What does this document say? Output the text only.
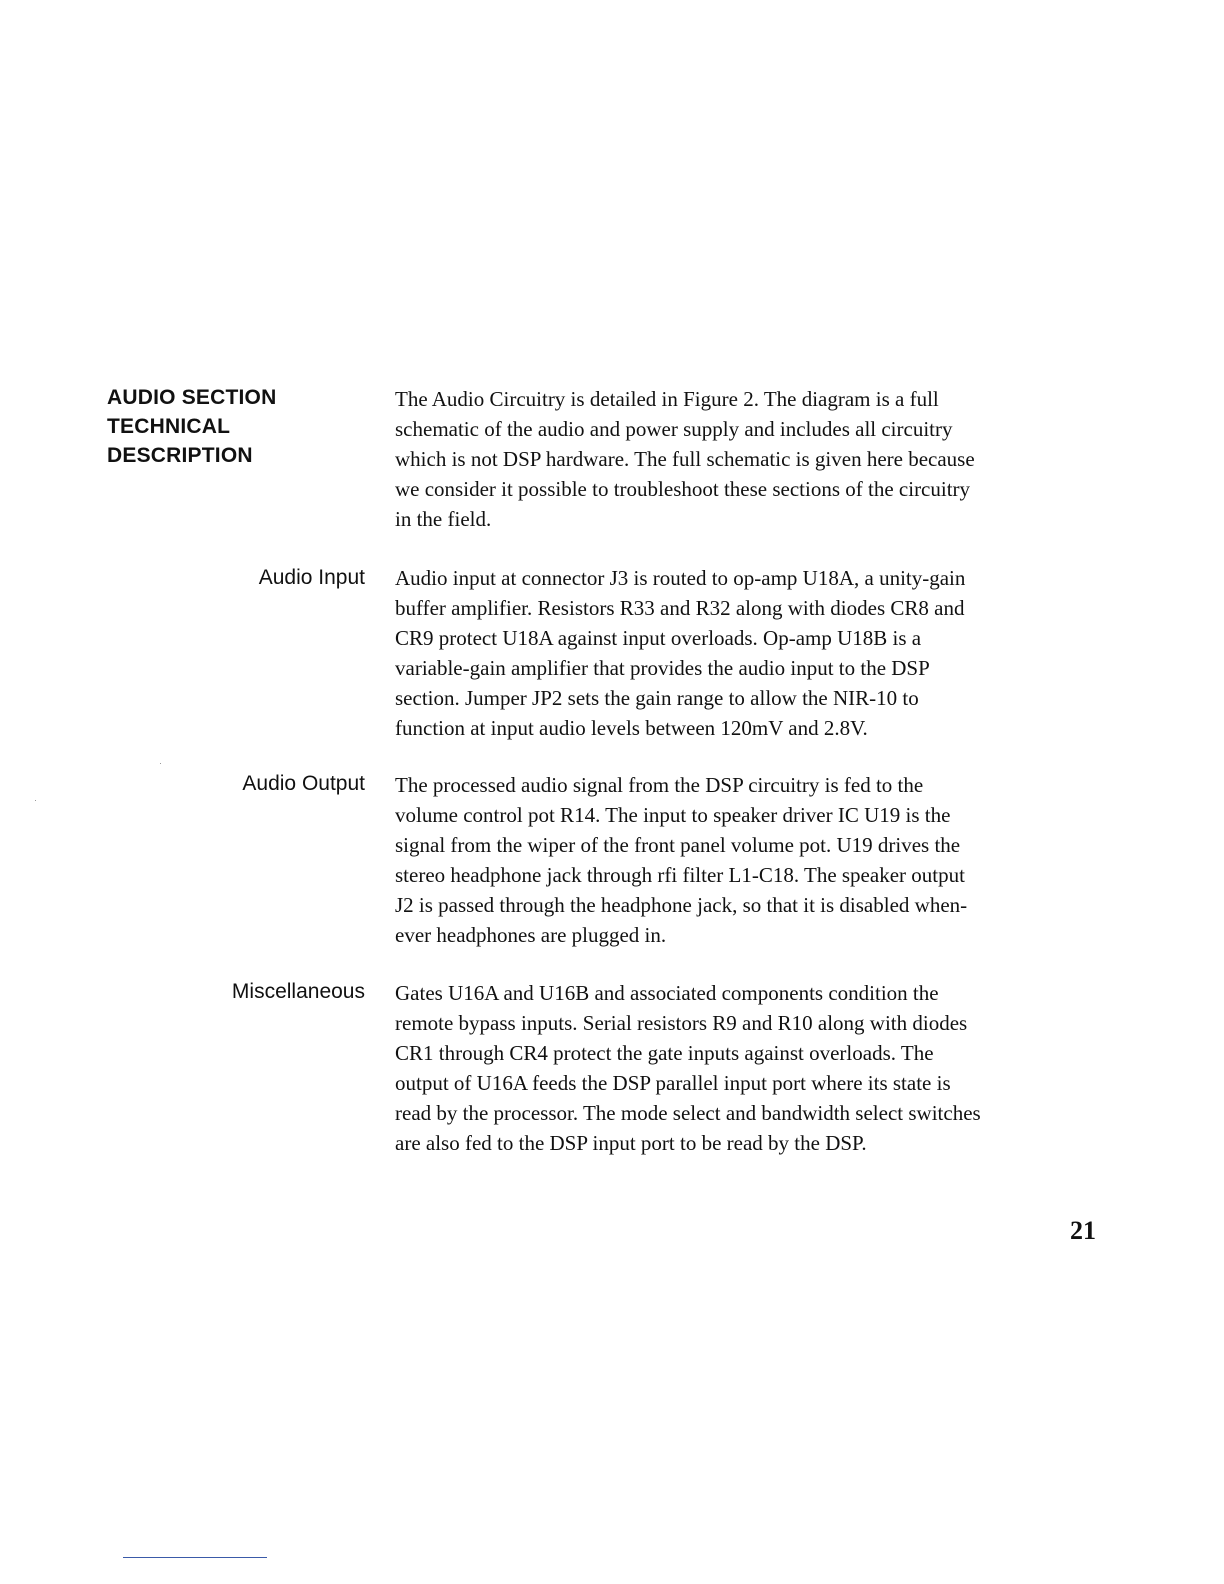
AUDIO SECTION
TECHNICAL
DESCRIPTION
The Audio Circuitry is detailed in Figure 2. The diagram is a full
schematic of the audio and power supply and includes all circuitry
which is not DSP hardware. The full schematic is given here because
we consider it possible to troubleshoot these sections of the circuitry
in the field.
Audio Input Audio input at connector J3 is routed to op-amp U18A, a unity-gain
buffer amplifier. Resistors R33 and R32 along with diodes CR8 and
CR9 protect U18A against input overloads. Op-amp U18B is a
variable-gain amplifier that provides the audio input to the DSP
section. Jumper JP2 sets the gain range to allow the NIR-10 to
function at input audio levels between 120mV and 2.8V.
Audio Output The processed audio signal from the DSP circuitry is fed to the
volume control pot R14. The input to speaker driver IC U19 is the
signal from the wiper of the front panel volume pot. U19 drives the
stereo headphone jack through rfi filter L1-C18. The speaker output
J2 is passed through the headphone jack, so that it is disabled when-
ever headphones are plugged in.
Miscellaneous Gates U16A and U16B and associated components condition the
remote bypass inputs. Serial resistors R9 and R10 along with diodes
CR1 through CR4 protect the gate inputs against overloads. The
output of U16A feeds the DSP parallel input port where its state is
read by the processor. The mode select and bandwidth select switches
are also fed to the DSP input port to be read by the DSP.
21
